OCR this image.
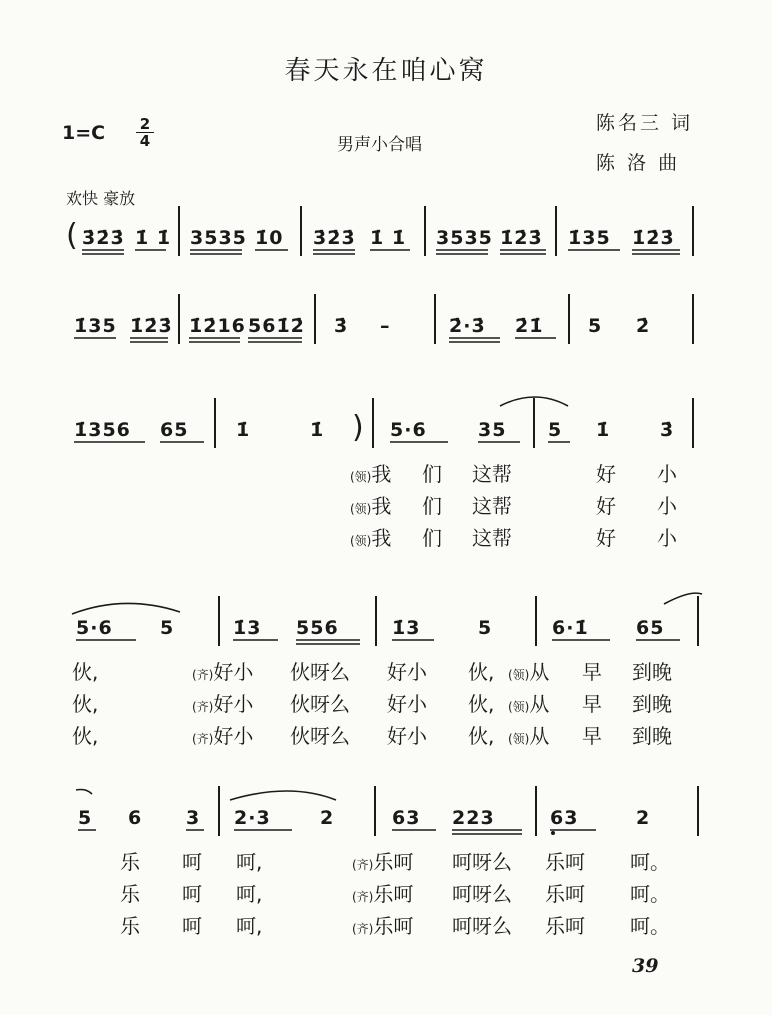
春天永在咱心窝
1=C 2
4	男声小合唱
陈名三 词
陈 洛 曲
欢快 豪放
( 3̇2̇3̇ 1̇ 1̇ 3535 1̇0 3̇2̇3̇ 1̇ 1̇ 3535 1̇2̇3̇ 1̇35 1̇2̇3̇
1̇35 1̇2̇3̇ 1̇2̇16 561̇2̇ 3̇ –	2̇·3̇ 2̇1̇ 5 2̇
1̇356 65	1̇	1̇ ) 5·6	35 5 1̇	3̇
(领)我 们 这帮	好 小
(领)我 们 这帮	好 小
(领)我 们 这帮	好 小
5·6 5	1̇3 556	1̇3	5	6·1̇ 65
伙,	(齐)好小 伙呀么 好小 伙, (领)从 早 到晚
伙,	(齐)好小 伙呀么 好小 伙, (领)从 早 到晚
伙,	(齐)好小 伙呀么 好小 伙, (领)从 早 到晚
5 6 3 2·3	2	63 223	63	2
乐 呵 呵,	(齐)乐呵 呵呀么 乐呵 呵。
乐 呵 呵,	(齐)乐呵 呵呀么 乐呵 呵。
乐 呵 呵,	(齐)乐呵 呵呀么 乐呵 呵。
39
